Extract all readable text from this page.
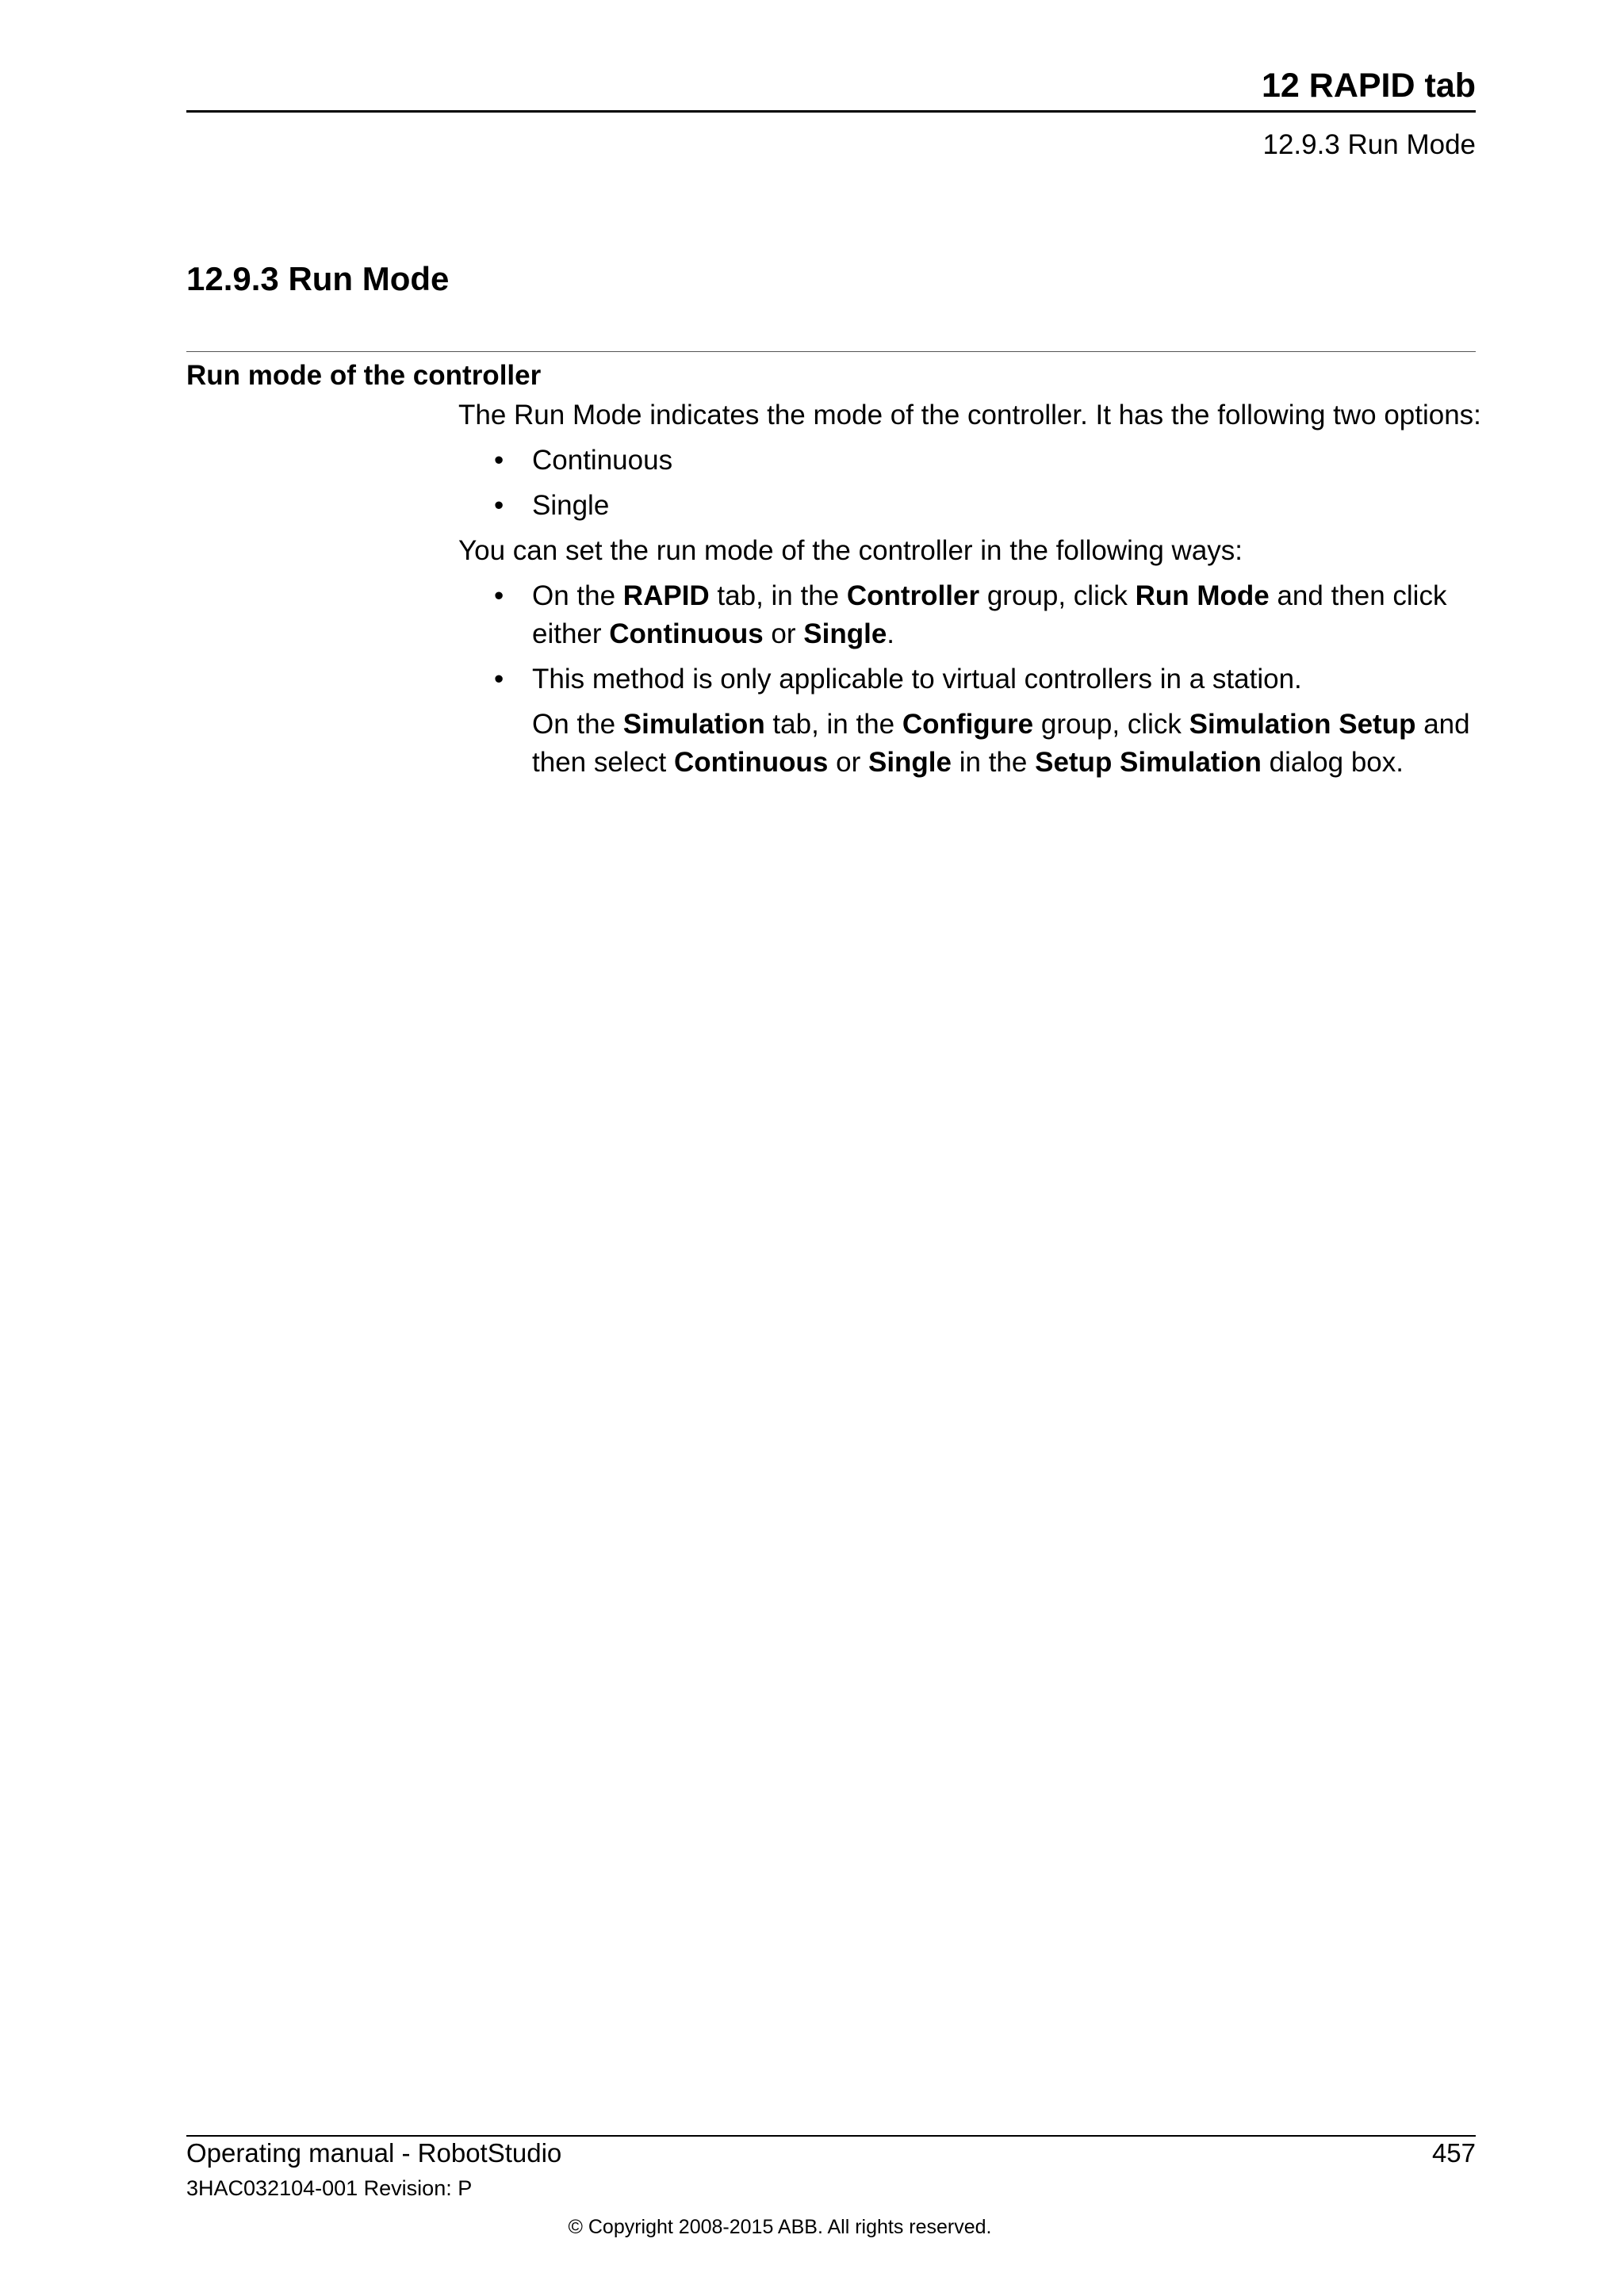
12 RAPID tab
12.9.3 Run Mode
12.9.3 Run Mode
Run mode of the controller

The Run Mode indicates the mode of the controller. It has the following two options:

• Continuous
• Single

You can set the run mode of the controller in the following ways:

• On the RAPID tab, in the Controller group, click Run Mode and then click either Continuous or Single.
• This method is only applicable to virtual controllers in a station.
On the Simulation tab, in the Configure group, click Simulation Setup and then select Continuous or Single in the Setup Simulation dialog box.
Operating manual - RobotStudio	457
3HAC032104-001 Revision: P
© Copyright 2008-2015 ABB. All rights reserved.
